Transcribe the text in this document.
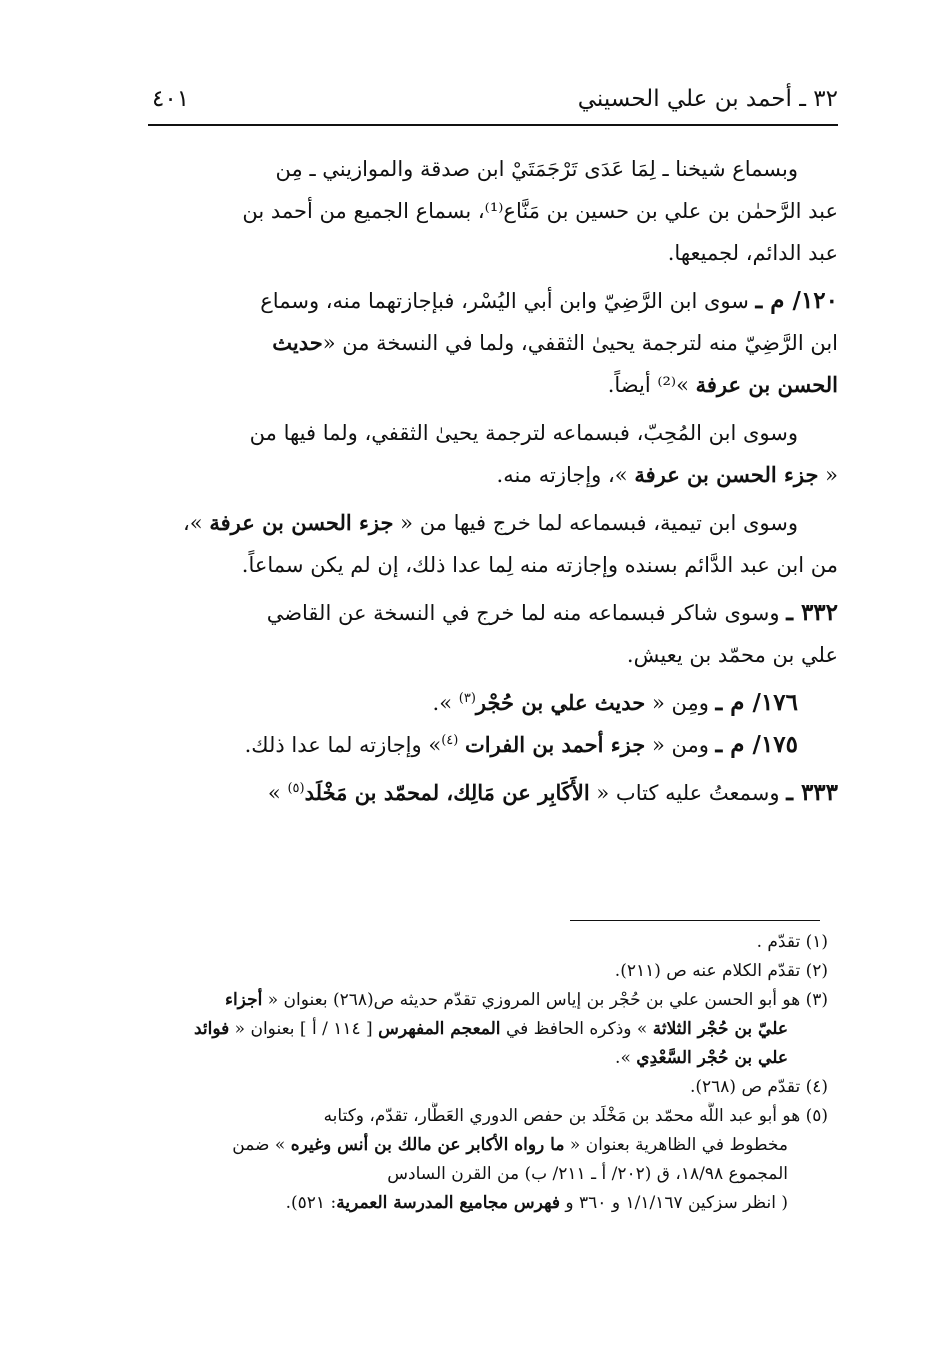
٣٢ ـ أحمد بن علي الحسيني
٤٠١
وبسماع شيخنا ـ لِمَا عَدَى تَرْجَمَتَيْ ابن صدقة والموازيني ـ مِن
عبد الرَّحمٰن بن علي بن حسين بن مَنَّاع⁽¹⁾، بسماع الجميع من أحمد بن
عبد الدائم، لجميعها.
١٢٠/ م ـ سوى ابن الرَّضِيّ وابن أبي اليُسْر، فبإجازتهما منه، وسماع
ابن الرَّضِيّ منه لترجمة يحيىٰ الثقفي، ولما في النسخة من «حديث
الحسن بن عرفة »⁽²⁾ أيضاً.
وسوى ابن المُحِبّ، فبسماعه لترجمة يحيىٰ الثقفي، ولما فيها من
« جزء الحسن بن عرفة »، وإجازته منه.
وسوى ابن تيمية، فبسماعه لما خرج فيها من « جزء الحسن بن عرفة »،
من ابن عبد الدَّائم بسنده وإجازته منه لِما عدا ذلك، إن لم يكن سماعاً.
٣٣٢ ـ وسوى شاكر فبسماعه منه لما خرج في النسخة عن القاضي
علي بن محمّد بن يعيش.
١٧٦/ م ـ ومِن « حديث علي بن حُجْر$^{(٣)}$ ».
١٧٥/ م ـ ومن « جزء أحمد بن الفرات $^{(٤)}$» وإجازته لما عدا ذلك.
٣٣٣ ـ وسمعتُ عليه كتاب « الأَكَابِر عن مَالِك، لمحمّد بن مَخْلَد$^{(٥)}$ »
(١) تقدّم .
(٢) تقدّم الكلام عنه ص (٢١١).
(٣) هو أبو الحسن علي بن حُجْر بن إياس المروزي تقدّم حديثه ص(٢٦٨) بعنوان « أجزاء
عليّ بن حُجْر الثلاثة » وذكره الحافظ في المعجم المفهرس [ ١١٤ / أ ] بعنوان « فوائد
علي بن حُجْر السَّعْدِي ».
(٤) تقدّم ص (٢٦٨).
(٥) هو أبو عبد اللَّه محمّد بن مَخْلَد بن حفص الدوري العَطَّار، تقدّم، وكتابه
مخطوط في الظاهرية بعنوان « ما رواه الأكابر عن مالك بن أنس وغيره » ضمن
المجموع ١٨/٩٨، ق (٢٠٢/ أ ـ ٢١١/ ب) من القرن السادس
( انظر سزكين ١/١/١٦٧ و ٣٦٠ و فهرس مجاميع المدرسة العمرية: ٥٢١).
